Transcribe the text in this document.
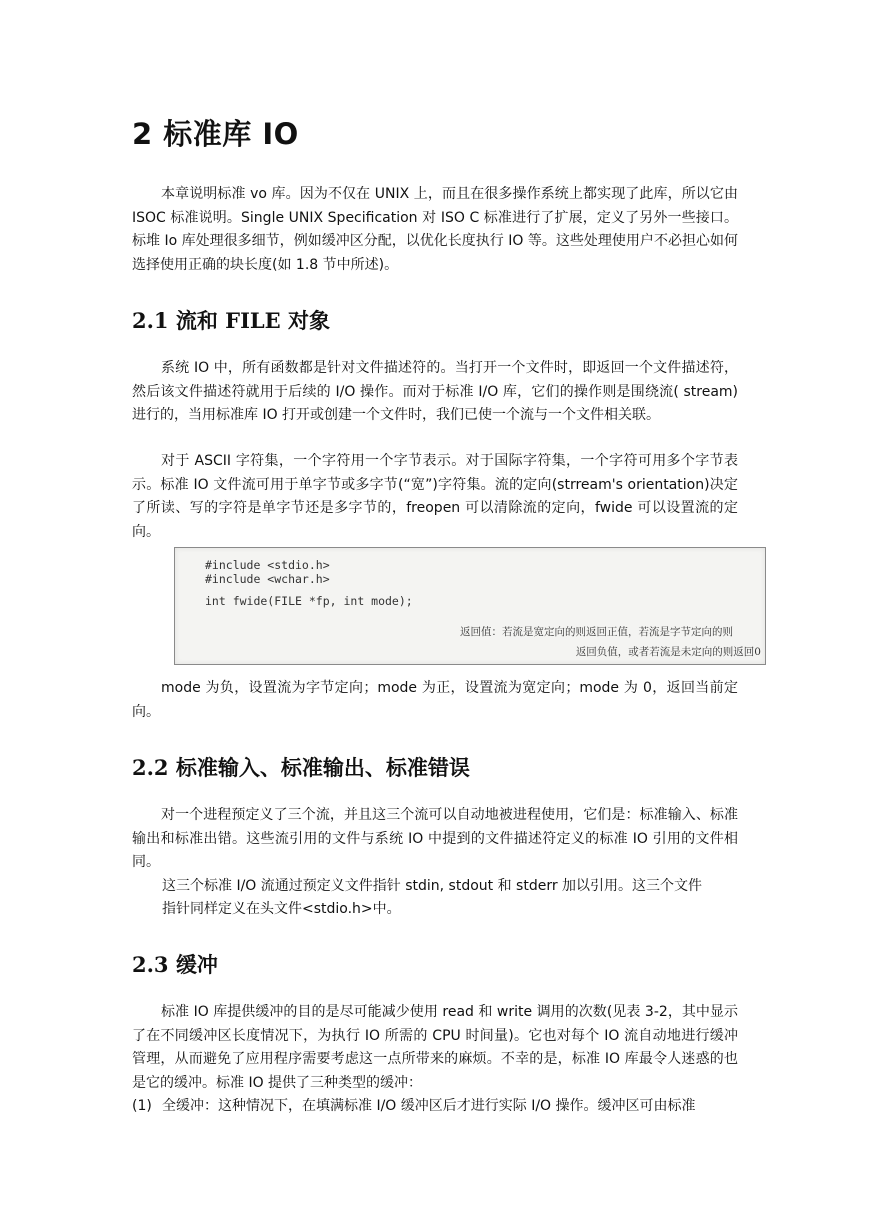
2 标准库 IO

本章说明标准 vo 库。因为不仅在 UNIX 上，而且在很多操作系统上都实现了此库，所以它由 ISOC 标准说明。Single UNIX Specification 对 ISO C 标准进行了扩展，定义了另外一些接口。标堆 Io 库处理很多细节，例如缓冲区分配，以优化长度执行 IO 等。这些处理使用户不必担心如何选择使用正确的块长度(如 1.8 节中所述)。

2.1 流和 FILE 对象

系统 IO 中，所有函数都是针对文件描述符的。当打开一个文件时，即返回一个文件描述符，然后该文件描述符就用于后续的 I/O 操作。而对于标准 I/O 库，它们的操作则是围绕流( stream)进行的，当用标准库 IO 打开或创建一个文件时，我们已使一个流与一个文件相关联。

对于 ASCII 字符集，一个字符用一个字节表示。对于国际字符集，一个字符可用多个字节表示。标准 IO 文件流可用于单字节或多字节(“宽”)字符集。流的定向(strream's orientation)决定了所读、写的字符是单字节还是多字节的，freopen 可以清除流的定向，fwide 可以设置流的定向。

#include <stdio.h>
#include <wchar.h>
int fwide(FILE *fp, int mode);
返回值：若流是宽定向的则返回正值，若流是字节定向的则
返回负值，或者若流是未定向的则返回0

mode 为负，设置流为字节定向；mode 为正，设置流为宽定向；mode 为 0，返回当前定向。

2.2 标准输入、标准输出、标准错误

对一个进程预定义了三个流，并且这三个流可以自动地被进程使用，它们是：标准输入、标准输出和标准出错。这些流引用的文件与系统 IO 中提到的文件描述符定义的标准 IO 引用的文件相同。

这三个标准 I/O 流通过预定义文件指针 stdin, stdout 和 stderr 加以引用。这三个文件

指针同样定义在头文件<stdio.h>中。

2.3 缓冲

标准 IO 库提供缓冲的目的是尽可能减少使用 read 和 write 调用的次数(见表 3-2，其中显示了在不同缓冲区长度情况下，为执行 IO 所需的 CPU 时间量)。它也对每个 IO 流自动地进行缓冲管理，从而避免了应用程序需要考虑这一点所带来的麻烦。不幸的是，标准 IO 库最令人迷惑的也是它的缓冲。标准 IO 提供了三种类型的缓冲：

(1) 全缓冲：这种情况下，在填满标准 I/O 缓冲区后才进行实际 I/O 操作。缓冲区可由标准
